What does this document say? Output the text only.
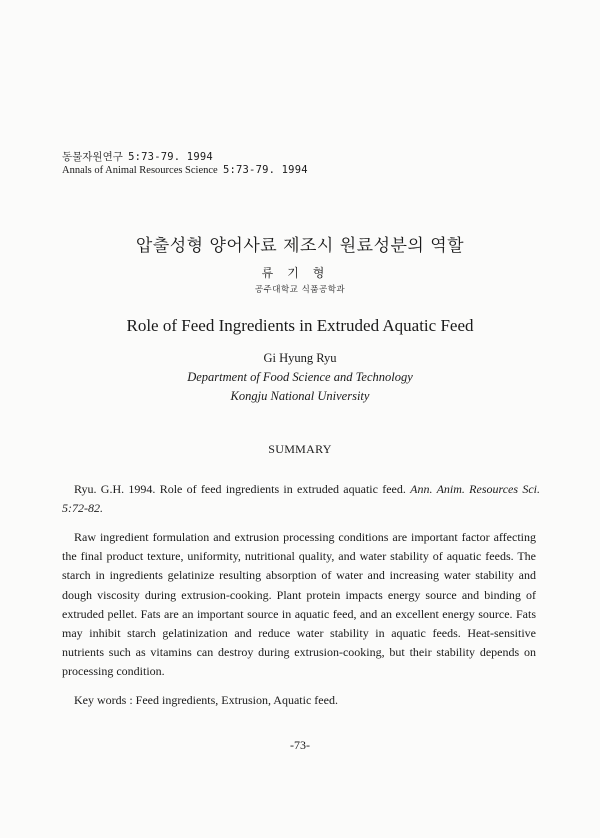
동물자원연구 5:73-79. 1994
Annals of Animal Resources Science 5:73-79. 1994
압출성형 양어사료 제조시 원료성분의 역할
류기형
공주대학교 식품공학과
Role of Feed Ingredients in Extruded Aquatic Feed
Gi Hyung Ryu
Department of Food Science and Technology
Kongju National University
SUMMARY
Ryu. G.H. 1994. Role of feed ingredients in extruded aquatic feed. Ann. Anim. Resources Sci. 5:72-82.
Raw ingredient formulation and extrusion processing conditions are important factor affecting the final product texture, uniformity, nutritional quality, and water stability of aquatic feeds. The starch in ingredients gelatinize resulting absorption of water and increasing water stability and dough viscosity during extrusion-cooking. Plant protein impacts energy source and binding of extruded pellet. Fats are an important source in aquatic feed, and an excellent energy source. Fats may inhibit starch gelatinization and reduce water stability in aquatic feeds. Heat-sensitive nutrients such as vitamins can destroy during extrusion-cooking, but their stability depends on processing condition.
Key words : Feed ingredients, Extrusion, Aquatic feed.
-73-
